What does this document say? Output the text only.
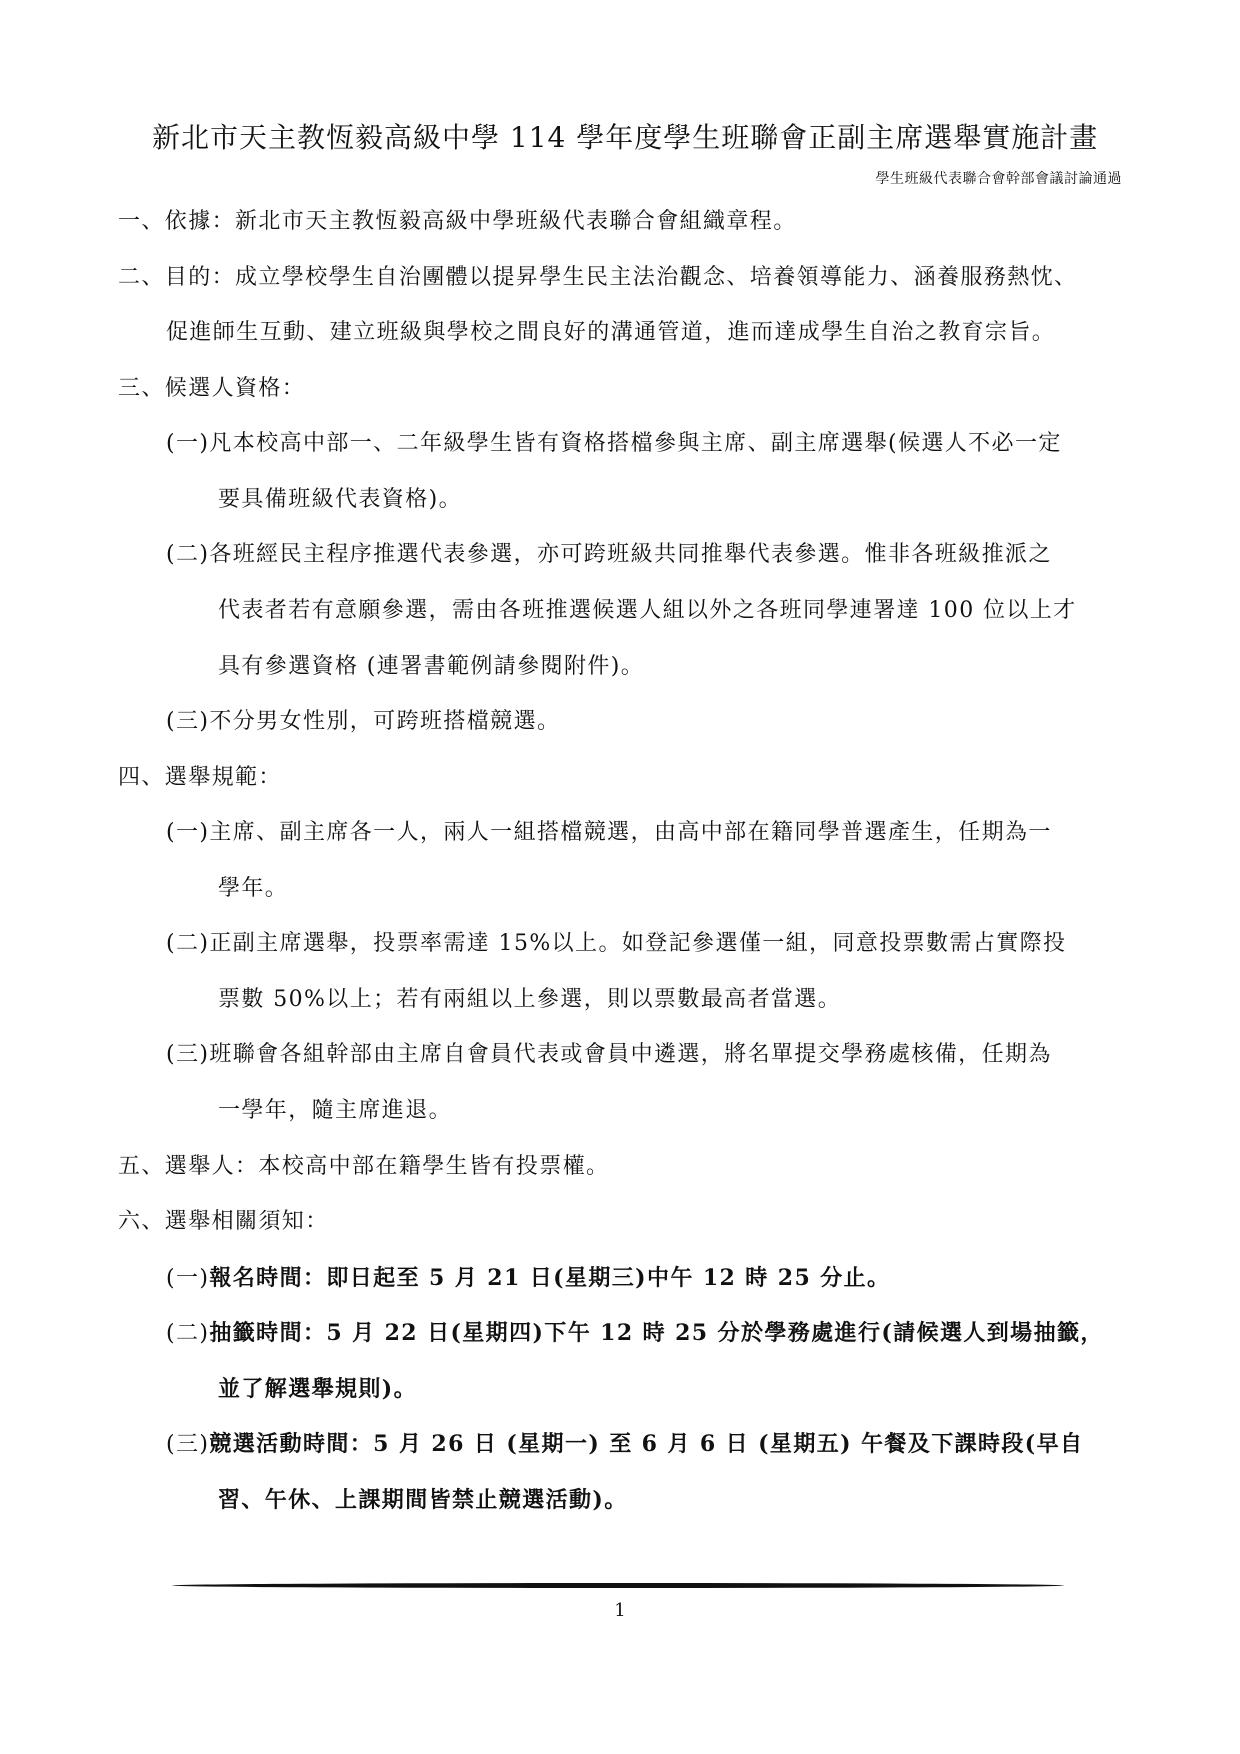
新北市天主教恆毅高級中學 114 學年度學生班聯會正副主席選舉實施計畫
學生班級代表聯合會幹部會議討論通過
一、依據：新北市天主教恆毅高級中學班級代表聯合會組織章程。
二、目的：成立學校學生自治團體以提昇學生民主法治觀念、培養領導能力、涵養服務熱忱、
促進師生互動、建立班級與學校之間良好的溝通管道，進而達成學生自治之教育宗旨。
三、候選人資格：
(一)凡本校高中部一、二年級學生皆有資格搭檔參與主席、副主席選舉(候選人不必一定
要具備班級代表資格)。
(二)各班經民主程序推選代表參選，亦可跨班級共同推舉代表參選。惟非各班級推派之
代表者若有意願參選，需由各班推選候選人組以外之各班同學連署達 100 位以上才
具有參選資格 (連署書範例請參閱附件)。
(三)不分男女性別，可跨班搭檔競選。
四、選舉規範：
(一)主席、副主席各一人，兩人一組搭檔競選，由高中部在籍同學普選產生，任期為一
學年。
(二)正副主席選舉，投票率需達 15%以上。如登記參選僅一組，同意投票數需占實際投
票數 50%以上；若有兩組以上參選，則以票數最高者當選。
(三)班聯會各組幹部由主席自會員代表或會員中遴選，將名單提交學務處核備，任期為
一學年，隨主席進退。
五、選舉人：本校高中部在籍學生皆有投票權。
六、選舉相關須知：
(一)報名時間：即日起至 5 月 21 日(星期三)中午 12 時 25 分止。
(二)抽籤時間：5 月 22 日(星期四)下午 12 時 25 分於學務處進行(請候選人到場抽籤，
並了解選舉規則)。
(三)競選活動時間：5 月 26 日 (星期一) 至 6 月 6 日 (星期五) 午餐及下課時段(早自
習、午休、上課期間皆禁止競選活動)。
1
